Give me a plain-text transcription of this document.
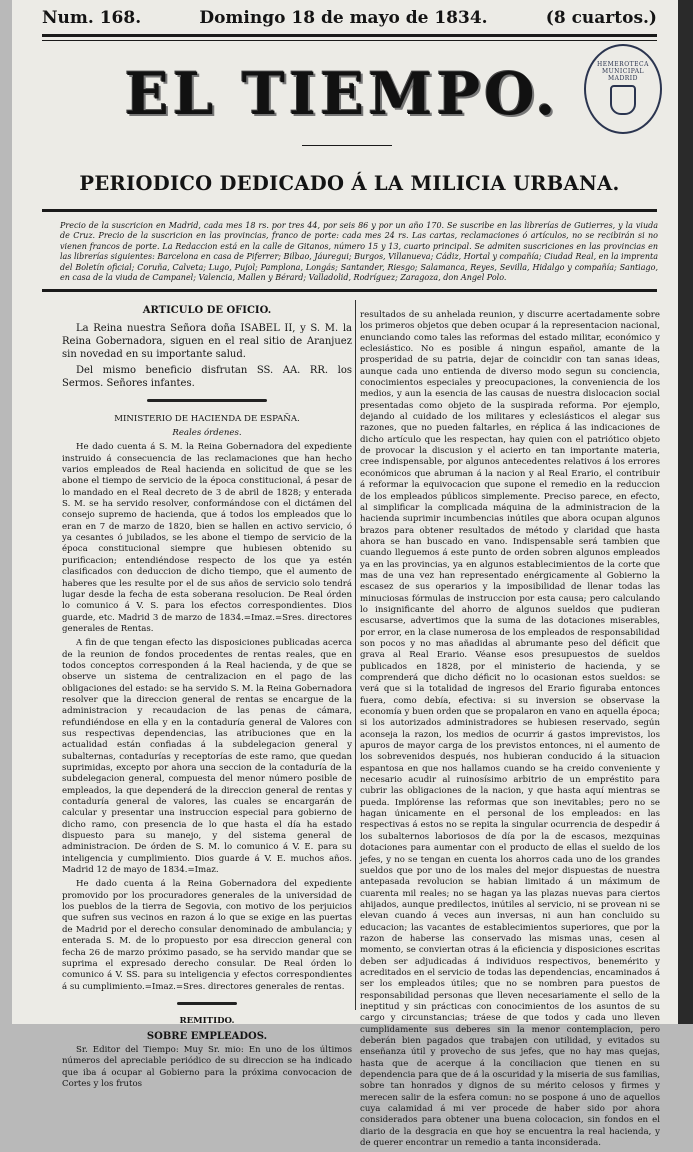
Num. 168.	Domingo 18 de mayo de 1834.	(8 cuartos.)
EL TIEMPO.	HEMEROTECA MUNICIPAL MADRID
PERIODICO DEDICADO Á LA MILICIA URBANA.
Precio de la suscricion en Madrid, cada mes 18 rs. por tres 44, por seis 86 y por un año 170. Se suscribe en las librerías de Gutierres, y la viuda de Cruz. Precio de la suscricion en las provincias, franco de porte: cada mes 24 rs. Las cartas, reclamaciones ó artículos, no se recibirán si no vienen francos de porte. La Redaccion está en la calle de Gitanos, número 15 y 13, cuarto principal. Se admiten suscriciones en las provincias en las librerías siguientes: Barcelona en casa de Piferrer; Bilbao, Jáuregui; Burgos, Villanueva; Cádiz, Hortal y compañía; Ciudad Real, en la imprenta del Boletín oficial; Coruña, Calveta; Lugo, Pujol; Pamplona, Longás; Santander, Riesgo; Salamanca, Reyes, Sevilla, Hidalgo y compañía; Santiago, en casa de la viuda de Campanel; Valencia, Mallen y Bérard; Valladolid, Rodríguez; Zaragoza, don Angel Polo.

ARTICULO DE OFICIO.

La Reina nuestra Señora doña ISABEL II, y S. M. la Reina Gobernadora, siguen en el real sitio de Aranjuez sin novedad en su importante salud.

Del mismo beneficio disfrutan SS. AA. RR. los Sermos. Señores infantes.

MINISTERIO DE HACIENDA DE ESPAÑA.

Reales órdenes.

He dado cuenta á S. M. la Reina Gobernadora del expediente instruido á consecuencia de las reclamaciones que han hecho varios empleados de Real hacienda en solicitud de que se les abone el tiempo de servicio de la época constitucional, á pesar de lo mandado en el Real decreto de 3 de abril de 1828; y enterada S. M. se ha servido resolver, conformándose con el dictámen del consejo supremo de hacienda, que á todos los empleados que lo eran en 7 de marzo de 1820, bien se hallen en activo servicio, ó ya cesantes ó jubilados, se les abone el tiempo de servicio de la época constitucional siempre que hubiesen obtenido su purificacion; entendiéndose respecto de los que ya estén clasificados con deduccion de dicho tiempo, que el aumento de haberes que les resulte por el de sus años de servicio solo tendrá lugar desde la fecha de esta soberana resolucion. De Real órden lo comunico á V. S. para los efectos correspondientes. Dios guarde, etc. Madrid 3 de marzo de 1834.=Imaz.=Sres. directores generales de Rentas.

A fin de que tengan efecto las disposiciones publicadas acerca de la reunion de fondos procedentes de rentas reales, que en todos conceptos corresponden á la Real hacienda, y de que se observe un sistema de centralizacion en el pago de las obligaciones del estado: se ha servido S. M. la Reina Gobernadora resolver que la direccion general de rentas se encargue de la administracion y recaudacion de las penas de cámara, refundiéndose en ella y en la contaduría general de Valores con sus respectivas dependencias, las atribuciones que en la actualidad están confiadas á la subdelegacion general y subalternas, contadurías y receptorías de este ramo, que quedan suprimidas, excepto por ahora una seccion de la contaduría de la subdelegacion general, compuesta del menor número posible de empleados, la que dependerá de la direccion general de rentas y contaduría general de valores, las cuales se encargarán de calcular y presentar una instruccion especial para gobierno de dicho ramo, con presencia de lo que hasta el día ha estado dispuesto para su manejo, y del sistema general de administracion. De órden de S. M. lo comunico á V. E. para su inteligencia y cumplimiento. Dios guarde á V. E. muchos años. Madrid 12 de mayo de 1834.=Imaz.

He dado cuenta á la Reina Gobernadora del expediente promovido por los procuradores generales de la universidad de los pueblos de la tierra de Segovia, con motivo de los perjuicios que sufren sus vecinos en razon á lo que se exige en las puertas de Madrid por el derecho consular denominado de ambulancia; y enterada S. M. de lo propuesto por esa direccion general con fecha 26 de marzo próximo pasado, se ha servido mandar que se suprima el expresado derecho consular. De Real órden lo comunico á V. SS. para su inteligencia y efectos correspondientes á su cumplimiento.=Imaz.=Sres. directores generales de rentas.

REMITIDO.

SOBRE EMPLEADOS.

Sr. Editor del Tiempo: Muy Sr. mio: En uno de los últimos números del apreciable periódico de su direccion se ha indicado que iba á ocupar al Gobierno para la próxima convocacion de Cortes y los frutos

resultados de su anhelada reunion, y discurre acertadamente sobre los primeros objetos que deben ocupar á la representacion nacional, enunciando como tales las reformas del estado militar, económico y eclesiástico. No es posible á ningun español, amante de la prosperidad de su patria, dejar de coincidir con tan sanas ideas, aunque cada uno entienda de diverso modo segun su conciencia, conocimientos especiales y preocupaciones, la conveniencia de los medios, y aun la esencia de las causas de nuestra dislocacion social presentadas como objeto de la suspirada reforma. Por ejemplo, dejando al cuidado de los militares y eclesiásticos el alegar sus razones, que no pueden faltarles, en réplica á las indicaciones de dicho artículo que les respectan, hay quien con el patriótico objeto de provocar la discusion y el acierto en tan importante materia, cree indispensable, por algunos antecedentes relativos á los errores económicos que abruman á la nacion y al Real Erario, el contribuir á reformar la equivocacion que supone el remedio en la reduccion de los empleados públicos simplemente. Preciso parece, en efecto, al simplificar la complicada máquina de la administracion de la hacienda suprimir incumbencias inútiles que abora ocupan algunos brazos para obtener resultados de método y claridad que hasta ahora se han buscado en vano. Indispensable será tambien que cuando lleguemos á este punto de orden sobren algunos empleados ya en las provincias, ya en algunos establecimientos de la corte que mas de una vez han representado enérgicamente al Gobierno la escasez de sus operarios y la imposibilidad de llenar todas las minuciosas fórmulas de instruccion por esta causa; pero calculando lo insignificante del ahorro de algunos sueldos que pudieran escusarse, advertimos que la suma de las dotaciones miserables, por error, en la clase numerosa de los empleados de responsabilidad son pocos y no mas añadidas al abrumante peso del déficit que grava al Real Erario. Véanse esos presupuestos de sueldos publicados en 1828, por el ministerio de hacienda, y se comprenderá que dicho déficit no lo ocasionan estos sueldos: se verá que si la totalidad de ingresos del Erario figuraba entonces fuera, como debía, efectiva: si su inversion se observase la economía y buen orden que se propalaron en vano en aquella época; si los autorizados administradores se hubiesen reservado, según aconseja la razon, los medios de ocurrir á gastos imprevistos, los apuros de mayor carga de los previstos entonces, ni el aumento de los sobrevenidos después, nos hubieran conducido á la situacion espantosa en que nos hallamos cuando se ha creido conveniente y necesario acudir al ruinosísimo arbitrio de un empréstito para cubrir las obligaciones de la nacion, y que hasta aquí mientras se pueda. Implórense las reformas que son inevitables; pero no se hagan únicamente en el personal de los empleados: en las respectivas á estos no se repita la singular ocurrencia de despedir á los subalternos laboriosos de día por la de escasos, mezquinas dotaciones para aumentar con el producto de ellas el sueldo de los jefes, y no se tengan en cuenta los ahorros cada uno de los grandes sueldos que por uno de los males del mejor dispuestas de nuestra antepasada revolucion se habian limitado á un máximum de cuarenta mil reales; no se hagan ya las plazas nuevas para ciertos ahijados, aunque predilectos, inútiles al servicio, ni se provean ni se elevan cuando á veces aun inversas, ni aun han concluido su educacion; las vacantes de establecimientos superiores, que por la razon de haberse las conservado las mismas unas, cesen al momento, se conviertan otras á la eficiencia y disposiciones escritas deben ser adjudicadas á individuos respectivos, benemérito y acreditados en el servicio de todas las dependencias, encaminados á ser los empleados útiles; que no se nombren para puestos de responsabilidad personas que lleven necesariamente el sello de la ineptitud y sin prácticas con conocimientos de los asuntos de su cargo y circunstancias; tráese de que todos y cada uno lleven cumplidamente sus deberes sin la menor contemplacion, pero deberán bien pagados que trabajen con utilidad, y evitados su enseñanza útil y provecho de sus jefes, que no hay mas quejas, hasta que de acerque á la conciliacion que tienen en su dependencia para que de á la oscuridad y la miseria de sus familias, sobre tan honrados y dignos de su mérito celosos y firmes y merecen salir de la esfera comun: no se pospone á uno de aquellos cuya calamidad á mi ver procede de haber sido por ahora considerados para obtener una buena colocacion, sin fondos en el diario de la desgracia en que hoy se encuentra la real hacienda, y de querer encontrar un remedio a tanta inconsiderada.
